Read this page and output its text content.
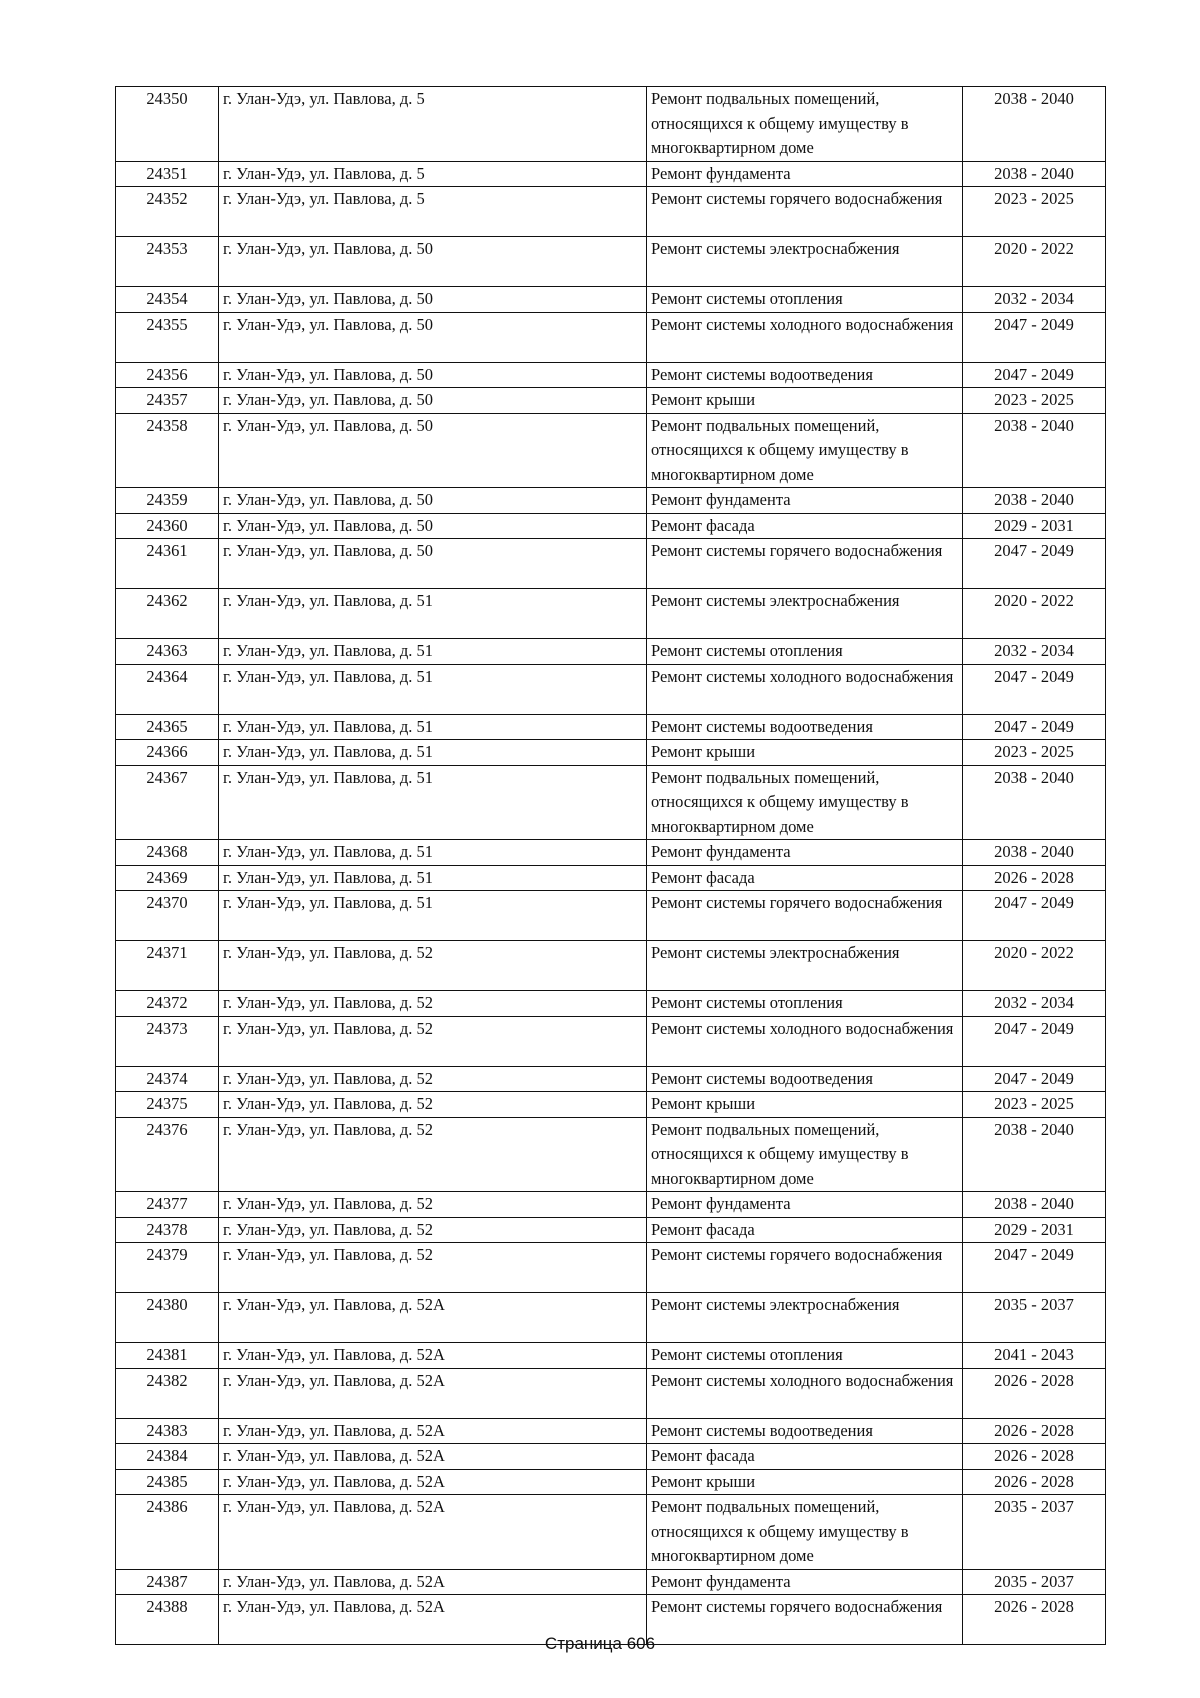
24350	г. Улан-Удэ, ул. Павлова, д. 5	Ремонт подвальных помещений, относящихся к общему имуществу в многоквартирном доме	2038 - 2040
24351	г. Улан-Удэ, ул. Павлова, д. 5	Ремонт фундамента	2038 - 2040
24352	г. Улан-Удэ, ул. Павлова, д. 5	Ремонт системы горячего водоснабжения	2023 - 2025
24353	г. Улан-Удэ, ул. Павлова, д. 50	Ремонт системы электроснабжения	2020 - 2022
24354	г. Улан-Удэ, ул. Павлова, д. 50	Ремонт системы отопления	2032 - 2034
24355	г. Улан-Удэ, ул. Павлова, д. 50	Ремонт системы холодного водоснабжения	2047 - 2049
24356	г. Улан-Удэ, ул. Павлова, д. 50	Ремонт системы водоотведения	2047 - 2049
24357	г. Улан-Удэ, ул. Павлова, д. 50	Ремонт крыши	2023 - 2025
24358	г. Улан-Удэ, ул. Павлова, д. 50	Ремонт подвальных помещений, относящихся к общему имуществу в многоквартирном доме	2038 - 2040
24359	г. Улан-Удэ, ул. Павлова, д. 50	Ремонт фундамента	2038 - 2040
24360	г. Улан-Удэ, ул. Павлова, д. 50	Ремонт фасада	2029 - 2031
24361	г. Улан-Удэ, ул. Павлова, д. 50	Ремонт системы горячего водоснабжения	2047 - 2049
24362	г. Улан-Удэ, ул. Павлова, д. 51	Ремонт системы электроснабжения	2020 - 2022
24363	г. Улан-Удэ, ул. Павлова, д. 51	Ремонт системы отопления	2032 - 2034
24364	г. Улан-Удэ, ул. Павлова, д. 51	Ремонт системы холодного водоснабжения	2047 - 2049
24365	г. Улан-Удэ, ул. Павлова, д. 51	Ремонт системы водоотведения	2047 - 2049
24366	г. Улан-Удэ, ул. Павлова, д. 51	Ремонт крыши	2023 - 2025
24367	г. Улан-Удэ, ул. Павлова, д. 51	Ремонт подвальных помещений, относящихся к общему имуществу в многоквартирном доме	2038 - 2040
24368	г. Улан-Удэ, ул. Павлова, д. 51	Ремонт фундамента	2038 - 2040
24369	г. Улан-Удэ, ул. Павлова, д. 51	Ремонт фасада	2026 - 2028
24370	г. Улан-Удэ, ул. Павлова, д. 51	Ремонт системы горячего водоснабжения	2047 - 2049
24371	г. Улан-Удэ, ул. Павлова, д. 52	Ремонт системы электроснабжения	2020 - 2022
24372	г. Улан-Удэ, ул. Павлова, д. 52	Ремонт системы отопления	2032 - 2034
24373	г. Улан-Удэ, ул. Павлова, д. 52	Ремонт системы холодного водоснабжения	2047 - 2049
24374	г. Улан-Удэ, ул. Павлова, д. 52	Ремонт системы водоотведения	2047 - 2049
24375	г. Улан-Удэ, ул. Павлова, д. 52	Ремонт крыши	2023 - 2025
24376	г. Улан-Удэ, ул. Павлова, д. 52	Ремонт подвальных помещений, относящихся к общему имуществу в многоквартирном доме	2038 - 2040
24377	г. Улан-Удэ, ул. Павлова, д. 52	Ремонт фундамента	2038 - 2040
24378	г. Улан-Удэ, ул. Павлова, д. 52	Ремонт фасада	2029 - 2031
24379	г. Улан-Удэ, ул. Павлова, д. 52	Ремонт системы горячего водоснабжения	2047 - 2049
24380	г. Улан-Удэ, ул. Павлова, д. 52А	Ремонт системы электроснабжения	2035 - 2037
24381	г. Улан-Удэ, ул. Павлова, д. 52А	Ремонт системы отопления	2041 - 2043
24382	г. Улан-Удэ, ул. Павлова, д. 52А	Ремонт системы холодного водоснабжения	2026 - 2028
24383	г. Улан-Удэ, ул. Павлова, д. 52А	Ремонт системы водоотведения	2026 - 2028
24384	г. Улан-Удэ, ул. Павлова, д. 52А	Ремонт фасада	2026 - 2028
24385	г. Улан-Удэ, ул. Павлова, д. 52А	Ремонт крыши	2026 - 2028
24386	г. Улан-Удэ, ул. Павлова, д. 52А	Ремонт подвальных помещений, относящихся к общему имуществу в многоквартирном доме	2035 - 2037
24387	г. Улан-Удэ, ул. Павлова, д. 52А	Ремонт фундамента	2035 - 2037
24388	г. Улан-Удэ, ул. Павлова, д. 52А	Ремонт системы горячего водоснабжения	2026 - 2028
Страница 606
